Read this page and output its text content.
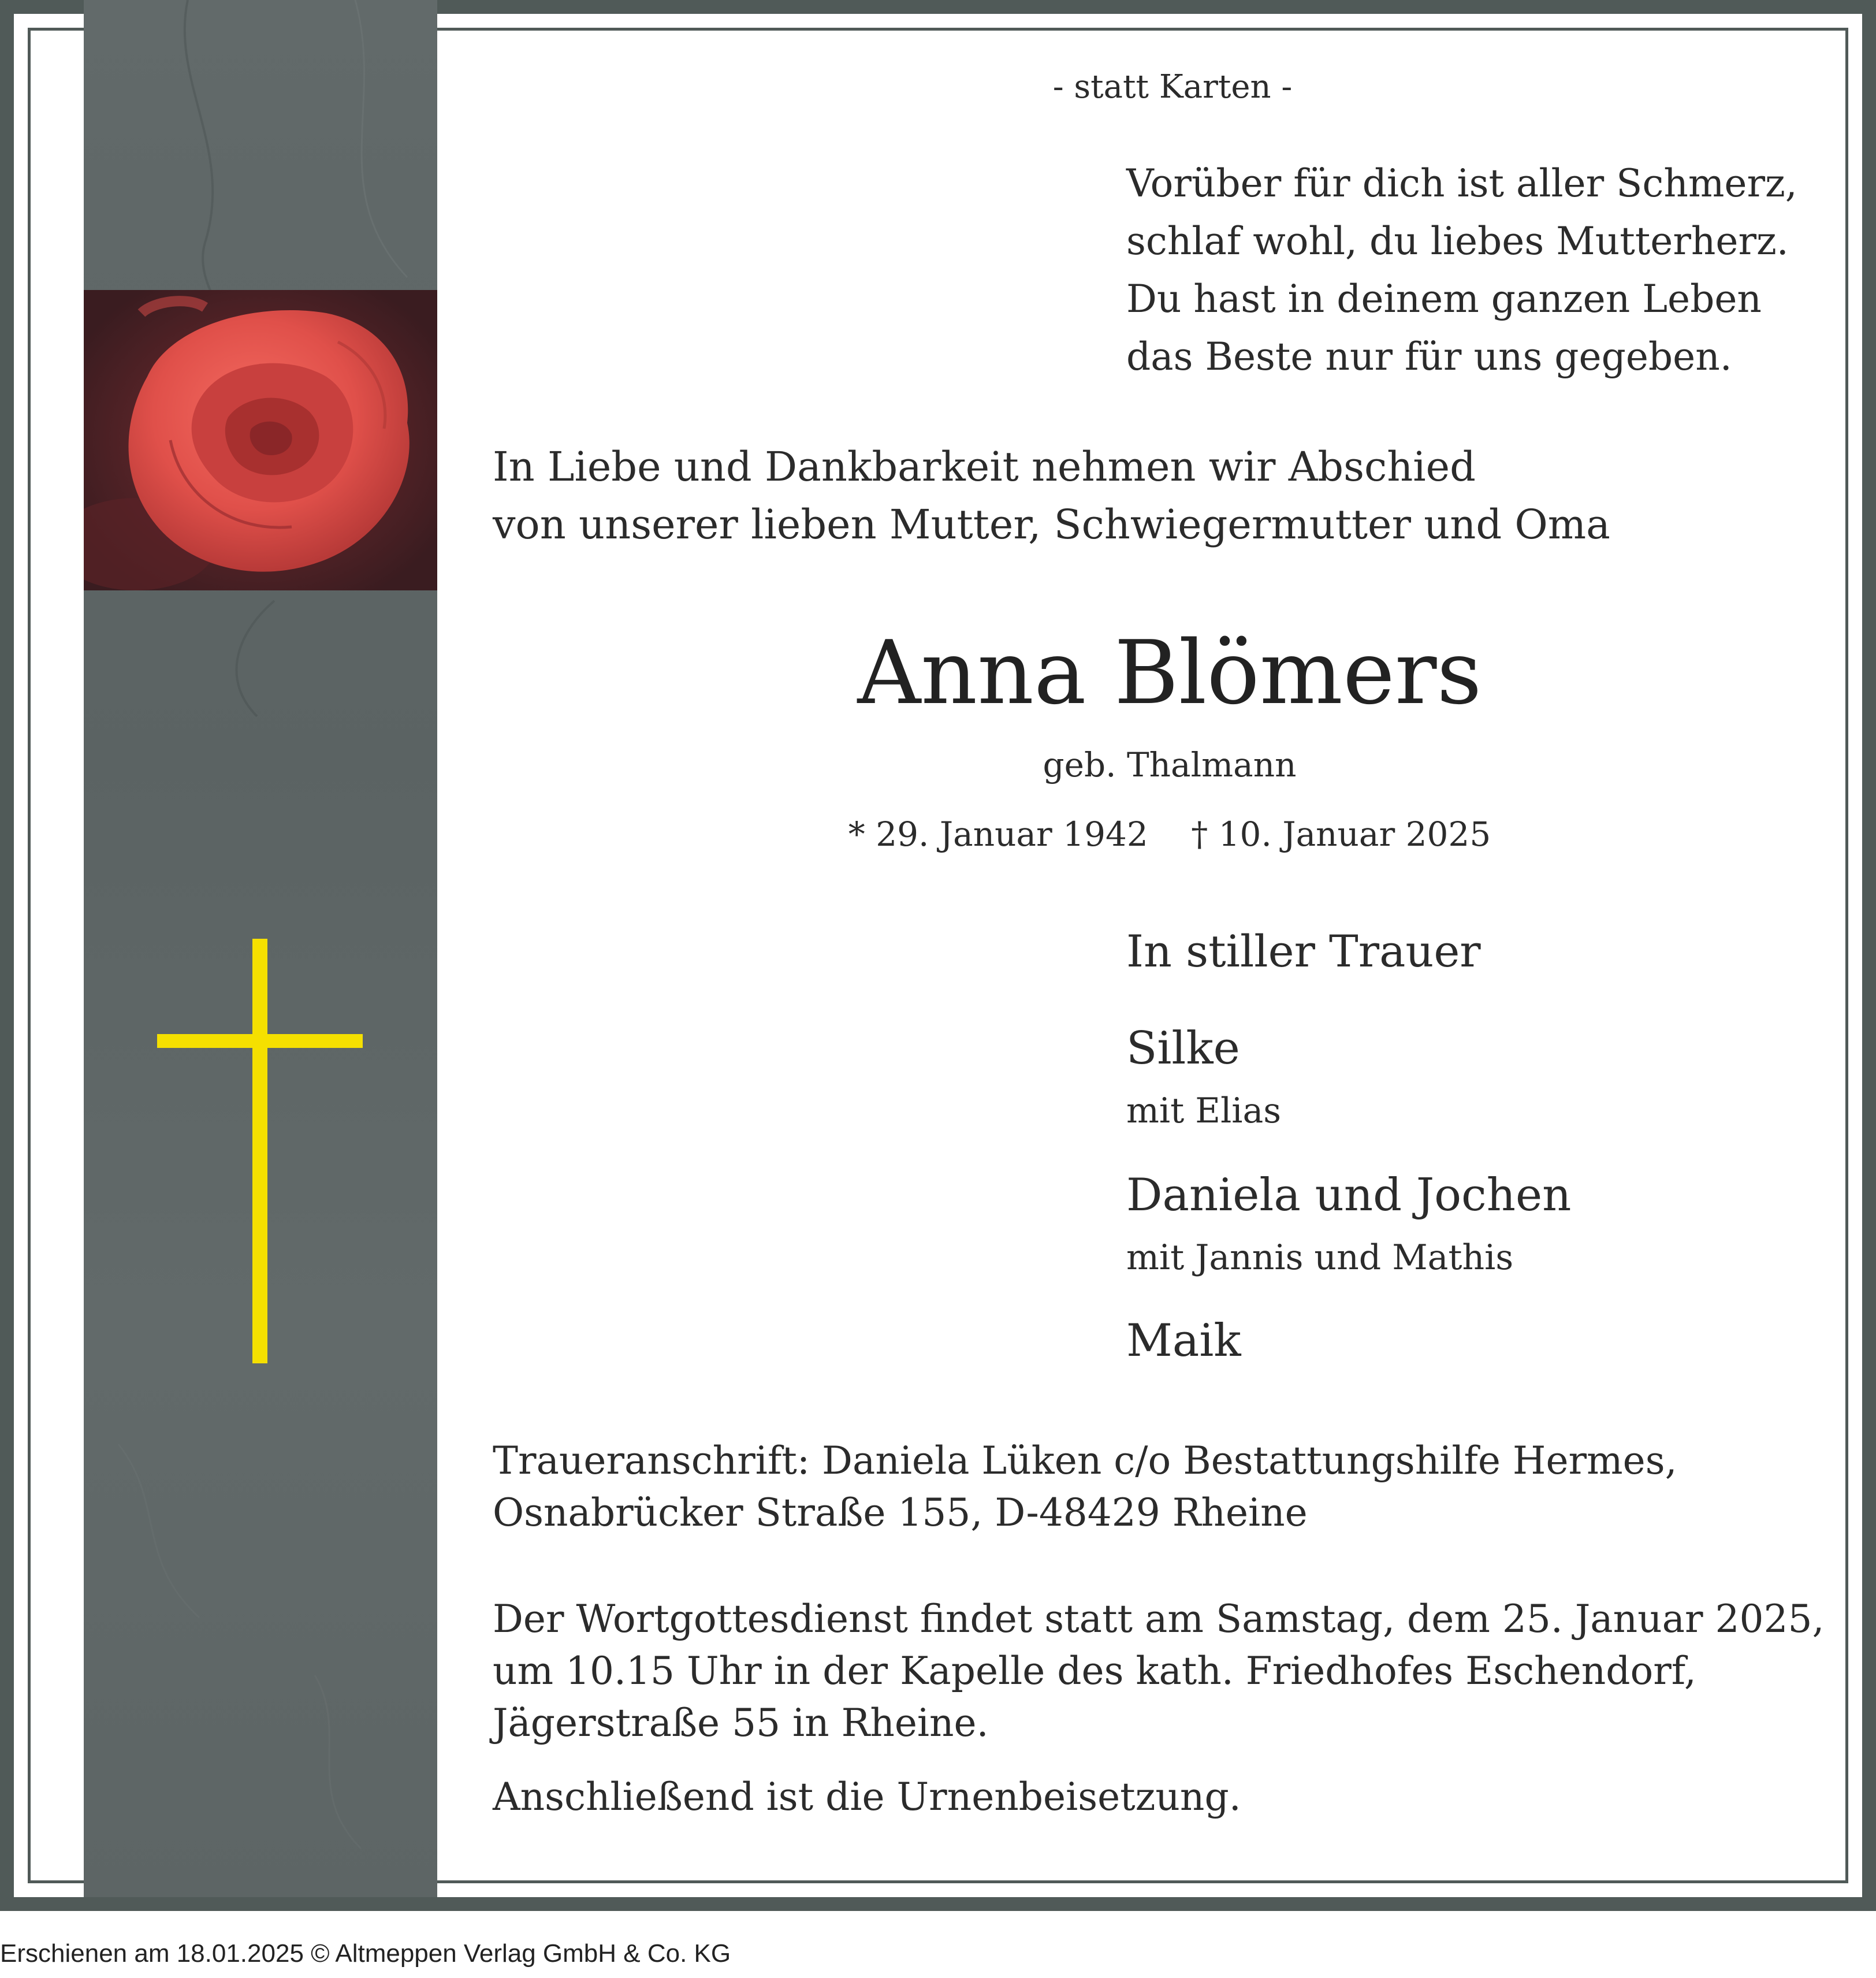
- statt Karten -
Vorüber für dich ist aller Schmerz,
schlaf wohl, du liebes Mutterherz.
Du hast in deinem ganzen Leben
das Beste nur für uns gegeben.
In Liebe und Dankbarkeit nehmen wir Abschied
von unserer lieben Mutter, Schwiegermutter und Oma
Anna Blömers
geb. Thalmann
* 29. Januar 1942 † 10. Januar 2025
In stiller Trauer
Silke
mit Elias
Daniela und Jochen
mit Jannis und Mathis
Maik
Traueranschrift: Daniela Lüken c/o Bestattungshilfe Hermes,
Osnabrücker Straße 155, D-48429 Rheine
Der Wortgottesdienst findet statt am Samstag, dem 25. Januar 2025,
um 10.15 Uhr in der Kapelle des kath. Friedhofes Eschendorf,
Jägerstraße 55 in Rheine.
Anschließend ist die Urnenbeisetzung.
Erschienen am 18.01.2025 © Altmeppen Verlag GmbH & Co. KG
